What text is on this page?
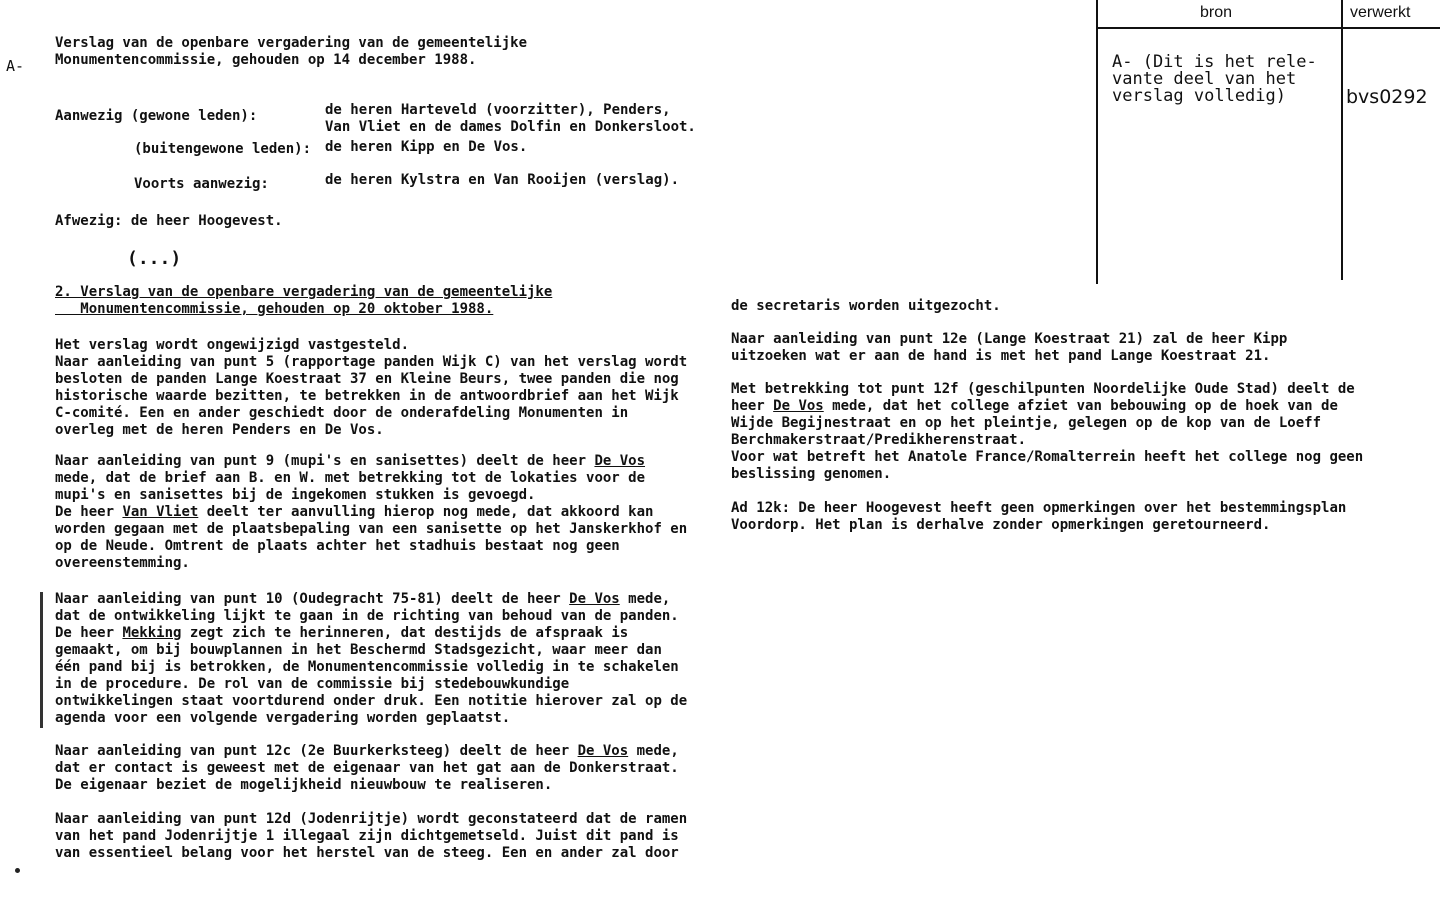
A-
bron	verwerkt
A- (Dit is het rele-
vante deel van het
verslag volledig)	bvs0292
Verslag van de openbare vergadering van de gemeentelijke
Monumentencommissie, gehouden op 14 december 1988.
Aanwezig (gewone leden):	de heren Harteveld (voorzitter), Penders,
Van Vliet en de dames Dolfin en Donkersloot.
(buitengewone leden): de heren Kipp en De Vos.
Voorts aanwezig:	de heren Kylstra en Van Rooijen (verslag).
Afwezig: de heer Hoogevest.
(...)
2. Verslag van de openbare vergadering van de gemeentelijke
Monumentencommissie, gehouden op 20 oktober 1988.
Het verslag wordt ongewijzigd vastgesteld.
Naar aanleiding van punt 5 (rapportage panden Wijk C) van het verslag wordt
besloten de panden Lange Koestraat 37 en Kleine Beurs, twee panden die nog
historische waarde bezitten, te betrekken in de antwoordbrief aan het Wijk
C-comité. Een en ander geschiedt door de onderafdeling Monumenten in
overleg met de heren Penders en De Vos.
Naar aanleiding van punt 9 (mupi's en sanisettes) deelt de heer De Vos
mede, dat de brief aan B. en W. met betrekking tot de lokaties voor de
mupi's en sanisettes bij de ingekomen stukken is gevoegd.
De heer Van Vliet deelt ter aanvulling hierop nog mede, dat akkoord kan
worden gegaan met de plaatsbepaling van een sanisette op het Janskerkhof en
op de Neude. Omtrent de plaats achter het stadhuis bestaat nog geen
overeenstemming.
Naar aanleiding van punt 10 (Oudegracht 75-81) deelt de heer De Vos mede,
dat de ontwikkeling lijkt te gaan in de richting van behoud van de panden.
De heer Mekking zegt zich te herinneren, dat destijds de afspraak is
gemaakt, om bij bouwplannen in het Beschermd Stadsgezicht, waar meer dan
één pand bij is betrokken, de Monumentencommissie volledig in te schakelen
in de procedure. De rol van de commissie bij stedebouwkundige
ontwikkelingen staat voortdurend onder druk. Een notitie hierover zal op de
agenda voor een volgende vergadering worden geplaatst.
Naar aanleiding van punt 12c (2e Buurkerksteeg) deelt de heer De Vos mede,
dat er contact is geweest met de eigenaar van het gat aan de Donkerstraat.
De eigenaar beziet de mogelijkheid nieuwbouw te realiseren.
Naar aanleiding van punt 12d (Jodenrijtje) wordt geconstateerd dat de ramen
van het pand Jodenrijtje 1 illegaal zijn dichtgemetseld. Juist dit pand is
van essentieel belang voor het herstel van de steeg. Een en ander zal door
de secretaris worden uitgezocht.
Naar aanleiding van punt 12e (Lange Koestraat 21) zal de heer Kipp
uitzoeken wat er aan de hand is met het pand Lange Koestraat 21.
Met betrekking tot punt 12f (geschilpunten Noordelijke Oude Stad) deelt de
heer De Vos mede, dat het college afziet van bebouwing op de hoek van de
Wijde Begijnestraat en op het pleintje, gelegen op de kop van de Loeff
Berchmakerstraat/Predikherenstraat.
Voor wat betreft het Anatole France/Romalterrein heeft het college nog geen
beslissing genomen.
Ad 12k: De heer Hoogevest heeft geen opmerkingen over het bestemmingsplan
Voordorp. Het plan is derhalve zonder opmerkingen geretourneerd.
